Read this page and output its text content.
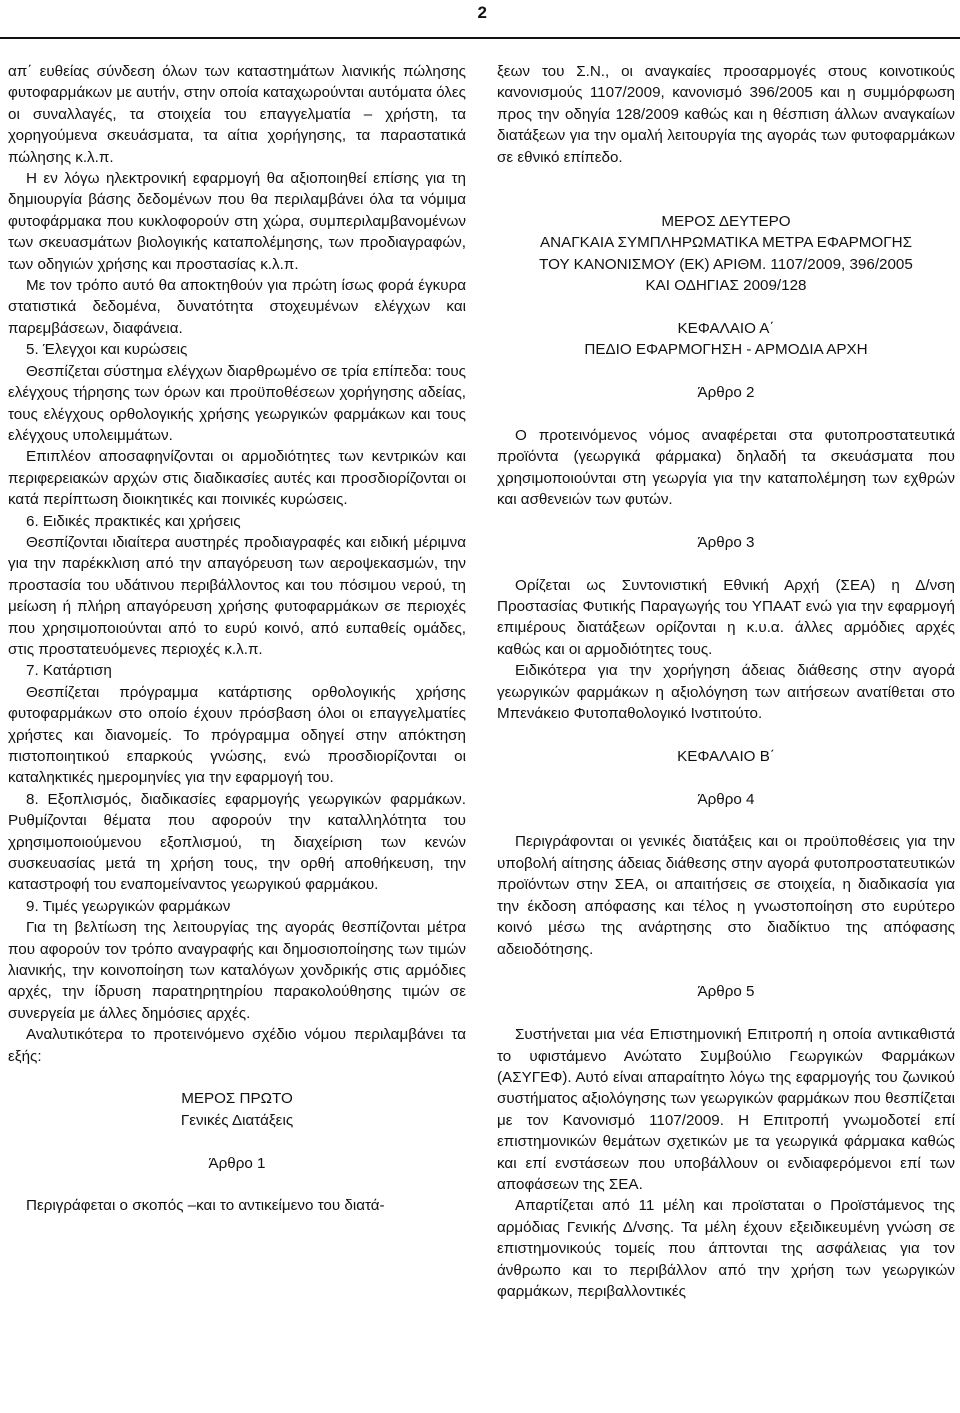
2

απ΄ ευθείας σύνδεση όλων των καταστημάτων λιανικής πώλησης φυτοφαρμάκων με αυτήν, στην οποία καταχωρούνται αυτόματα όλες οι συναλλαγές, τα στοιχεία του επαγγελματία – χρήστη, τα χορηγούμενα σκευάσματα, τα αίτια χορήγησης, τα παραστατικά πώλησης κ.λ.π.

Η εν λόγω ηλεκτρονική εφαρμογή θα αξιοποιηθεί επίσης για τη δημιουργία βάσης δεδομένων που θα περιλαμβάνει όλα τα νόμιμα φυτοφάρμακα που κυκλοφορούν στη χώρα, συμπεριλαμβανομένων των σκευασμάτων βιολογικής καταπολέμησης, των προδιαγραφών, των οδηγιών χρήσης και προστασίας κ.λ.π.

Με τον τρόπο αυτό θα αποκτηθούν για πρώτη ίσως φορά έγκυρα στατιστικά δεδομένα, δυνατότητα στοχευμένων ελέγχων και παρεμβάσεων, διαφάνεια.

5. Έλεγχοι και κυρώσεις

Θεσπίζεται σύστημα ελέγχων διαρθρωμένο σε τρία επίπεδα: τους ελέγχους τήρησης των όρων και προϋποθέσεων χορήγησης αδείας, τους ελέγχους ορθολογικής χρήσης γεωργικών φαρμάκων και τους ελέγχους υπολειμμάτων.

Επιπλέον αποσαφηνίζονται οι αρμοδιότητες των κεντρικών και περιφερειακών αρχών στις διαδικασίες αυτές και προσδιορίζονται οι κατά περίπτωση διοικητικές και ποινικές κυρώσεις.

6. Ειδικές πρακτικές και χρήσεις

Θεσπίζονται ιδιαίτερα αυστηρές προδιαγραφές και ειδική μέριμνα για την παρέκκλιση από την απαγόρευση των αεροψεκασμών, την προστασία του υδάτινου περιβάλλοντος και του πόσιμου νερού, τη μείωση ή πλήρη απαγόρευση χρήσης φυτοφαρμάκων σε περιοχές που χρησιμοποιούνται από το ευρύ κοινό, από ευπαθείς ομάδες, στις προστατευόμενες περιοχές κ.λ.π.

7. Κατάρτιση

Θεσπίζεται πρόγραμμα κατάρτισης ορθολογικής χρήσης φυτοφαρμάκων στο οποίο έχουν πρόσβαση όλοι οι επαγγελματίες χρήστες και διανομείς. Το πρόγραμμα οδηγεί στην απόκτηση πιστοποιητικού επαρκούς γνώσης, ενώ προσδιορίζονται οι καταληκτικές ημερομηνίες για την εφαρμογή του.

8. Εξοπλισμός, διαδικασίες εφαρμογής γεωργικών φαρμάκων. Ρυθμίζονται θέματα που αφορούν την καταλληλότητα του χρησιμοποιούμενου εξοπλισμού, τη διαχείριση των κενών συσκευασίας μετά τη χρήση τους, την ορθή αποθήκευση, την καταστροφή του εναπομείναντος γεωργικού φαρμάκου.

9. Τιμές γεωργικών φαρμάκων

Για τη βελτίωση της λειτουργίας της αγοράς θεσπίζονται μέτρα που αφορούν τον τρόπο αναγραφής και δημοσιοποίησης των τιμών λιανικής, την κοινοποίηση των καταλόγων χονδρικής στις αρμόδιες αρχές, την ίδρυση παρατηρητηρίου παρακολούθησης τιμών σε συνεργεία με άλλες δημόσιες αρχές.

Αναλυτικότερα το προτεινόμενο σχέδιο νόμου περιλαμβάνει τα εξής:

ΜΕΡΟΣ ΠΡΩΤΟ

Γενικές Διατάξεις

Άρθρο 1

Περιγράφεται ο σκοπός –και το αντικείμενο του διατά-

ξεων του Σ.Ν., οι αναγκαίες προσαρμογές στους κοινοτικούς κανονισμούς 1107/2009, κανονισμό 396/2005 και η συμμόρφωση προς την οδηγία 128/2009 καθώς και η θέσπιση άλλων αναγκαίων διατάξεων για την ομαλή λειτουργία της αγοράς των φυτοφαρμάκων σε εθνικό επίπεδο.

ΜΕΡΟΣ ΔΕΥΤΕΡΟ

ΑΝΑΓΚΑΙΑ ΣΥΜΠΛΗΡΩΜΑΤΙΚΑ ΜΕΤΡΑ ΕΦΑΡΜΟΓΗΣ

ΤΟΥ ΚΑΝΟΝΙΣΜΟΥ (ΕΚ) ΑΡΙΘΜ. 1107/2009, 396/2005

ΚΑΙ ΟΔΗΓΙΑΣ 2009/128

ΚΕΦΑΛΑΙΟ Α΄

ΠΕΔΙΟ ΕΦΑΡΜΟΓΗΣΗ - ΑΡΜΟΔΙΑ ΑΡΧΗ

Άρθρο 2

Ο προτεινόμενος νόμος αναφέρεται στα φυτοπροστατευτικά προϊόντα (γεωργικά φάρμακα) δηλαδή τα σκευάσματα που χρησιμοποιούνται στη γεωργία για την καταπολέμηση των εχθρών και ασθενειών των φυτών.

Άρθρο 3

Ορίζεται ως Συντονιστική Εθνική Αρχή (ΣΕΑ) η Δ/νση Προστασίας Φυτικής Παραγωγής του ΥΠΑΑΤ ενώ για την εφαρμογή επιμέρους διατάξεων ορίζονται η κ.υ.α. άλλες αρμόδιες αρχές καθώς και οι αρμοδιότητες τους.

Ειδικότερα για την χορήγηση άδειας διάθεσης στην αγορά γεωργικών φαρμάκων η αξιολόγηση των αιτήσεων ανατίθεται στο Μπενάκειο Φυτοπαθολογικό Ινστιτούτο.

ΚΕΦΑΛΑΙΟ Β΄

Άρθρο 4

Περιγράφονται οι γενικές διατάξεις και οι προϋποθέσεις για την υποβολή αίτησης άδειας διάθεσης στην αγορά φυτοπροστατευτικών προϊόντων στην ΣΕΑ, οι απαιτήσεις σε στοιχεία, η διαδικασία για την έκδοση απόφασης και τέλος η γνωστοποίηση στο ευρύτερο κοινό μέσω της ανάρτησης στο διαδίκτυο της απόφασης αδειοδότησης.

Άρθρο 5

Συστήνεται μια νέα Επιστημονική Επιτροπή η οποία αντικαθιστά το υφιστάμενο Ανώτατο Συμβούλιο Γεωργικών Φαρμάκων (ΑΣΥΓΕΦ). Αυτό είναι απαραίτητο λόγω της εφαρμογής του ζωνικού συστήματος αξιολόγησης των γεωργικών φαρμάκων που θεσπίζεται με τον Κανονισμό 1107/2009. Η Επιτροπή γνωμοδοτεί επί επιστημονικών θεμάτων σχετικών με τα γεωργικά φάρμακα καθώς και επί ενστάσεων που υποβάλλουν οι ενδιαφερόμενοι επί των αποφάσεων της ΣΕΑ.

Απαρτίζεται από 11 μέλη και προϊσταται ο Προϊστάμενος της αρμόδιας Γενικής Δ/νσης. Τα μέλη έχουν εξειδικευμένη γνώση σε επιστημονικούς τομείς που άπτονται της ασφάλειας για τον άνθρωπο και το περιβάλλον από την χρήση των γεωργικών φαρμάκων, περιβαλλοντικές
